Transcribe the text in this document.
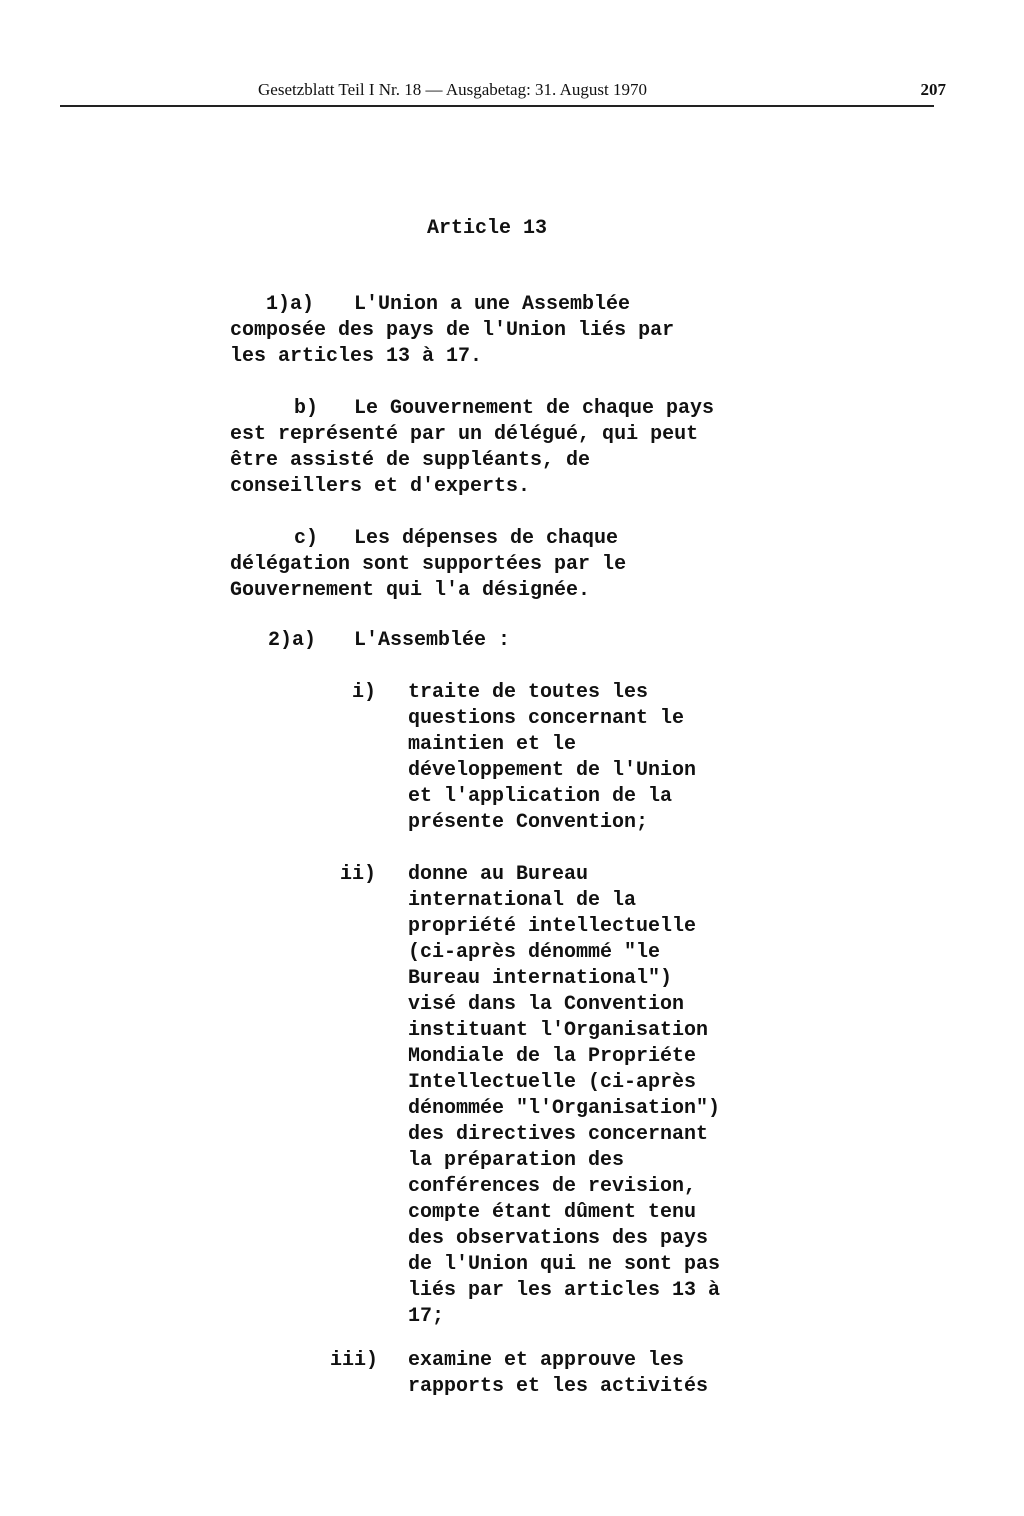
Gesetzblatt Teil I Nr. 18 — Ausgabetag: 31. August 1970	207
Article 13
1)a) L'Union a une Assemblée
composée des pays de l'Union liés par
les articles 13 à 17.
b) Le Gouvernement de chaque pays
est représenté par un délégué, qui peut
être assisté de suppléants, de
conseillers et d'experts.
c) Les dépenses de chaque
délégation sont supportées par le
Gouvernement qui l'a désignée.
2)a) L'Assemblée :
i) traite de toutes les
questions concernant le
maintien et le
développement de l'Union
et l'application de la
présente Convention;
ii) donne au Bureau
international de la
propriété intellectuelle
(ci-après dénommé "le
Bureau international")
visé dans la Convention
instituant l'Organisation
Mondiale de la Propriéte
Intellectuelle (ci-après
dénommée "l'Organisation")
des directives concernant
la préparation des
conférences de revision,
compte étant dûment tenu
des observations des pays
de l'Union qui ne sont pas
liés par les articles 13 à
17;
iii) examine et approuve les
rapports et les activités
